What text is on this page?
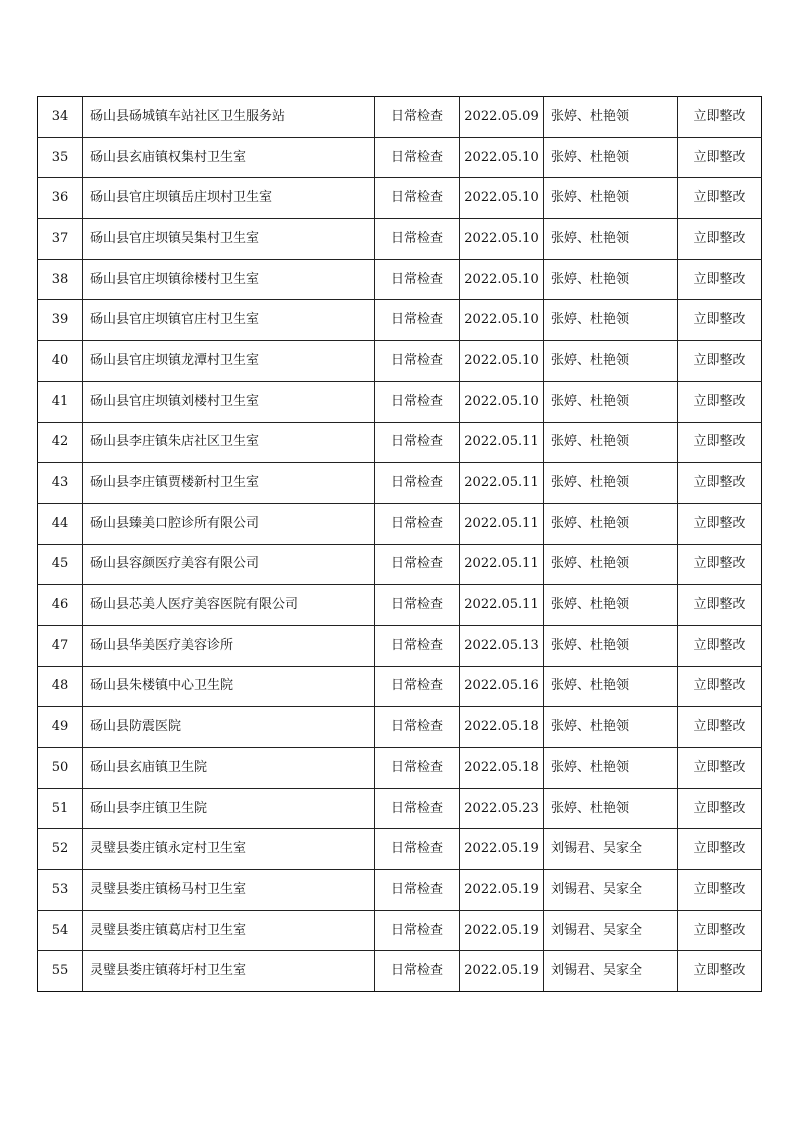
34	砀山县砀城镇车站社区卫生服务站	日常检查	2022.05.09	张婷、杜艳领	立即整改
35	砀山县玄庙镇权集村卫生室	日常检查	2022.05.10	张婷、杜艳领	立即整改
36	砀山县官庄坝镇岳庄坝村卫生室	日常检查	2022.05.10	张婷、杜艳领	立即整改
37	砀山县官庄坝镇吴集村卫生室	日常检查	2022.05.10	张婷、杜艳领	立即整改
38	砀山县官庄坝镇徐楼村卫生室	日常检查	2022.05.10	张婷、杜艳领	立即整改
39	砀山县官庄坝镇官庄村卫生室	日常检查	2022.05.10	张婷、杜艳领	立即整改
40	砀山县官庄坝镇龙潭村卫生室	日常检查	2022.05.10	张婷、杜艳领	立即整改
41	砀山县官庄坝镇刘楼村卫生室	日常检查	2022.05.10	张婷、杜艳领	立即整改
42	砀山县李庄镇朱店社区卫生室	日常检查	2022.05.11	张婷、杜艳领	立即整改
43	砀山县李庄镇贾楼新村卫生室	日常检查	2022.05.11	张婷、杜艳领	立即整改
44	砀山县臻美口腔诊所有限公司	日常检查	2022.05.11	张婷、杜艳领	立即整改
45	砀山县容颜医疗美容有限公司	日常检查	2022.05.11	张婷、杜艳领	立即整改
46	砀山县芯美人医疗美容医院有限公司	日常检查	2022.05.11	张婷、杜艳领	立即整改
47	砀山县华美医疗美容诊所	日常检查	2022.05.13	张婷、杜艳领	立即整改
48	砀山县朱楼镇中心卫生院	日常检查	2022.05.16	张婷、杜艳领	立即整改
49	砀山县防震医院	日常检查	2022.05.18	张婷、杜艳领	立即整改
50	砀山县玄庙镇卫生院	日常检查	2022.05.18	张婷、杜艳领	立即整改
51	砀山县李庄镇卫生院	日常检查	2022.05.23	张婷、杜艳领	立即整改
52	灵璧县娄庄镇永定村卫生室	日常检查	2022.05.19	刘锡君、吴家全	立即整改
53	灵璧县娄庄镇杨马村卫生室	日常检查	2022.05.19	刘锡君、吴家全	立即整改
54	灵璧县娄庄镇葛店村卫生室	日常检查	2022.05.19	刘锡君、吴家全	立即整改
55	灵璧县娄庄镇蒋圩村卫生室	日常检查	2022.05.19	刘锡君、吴家全	立即整改
